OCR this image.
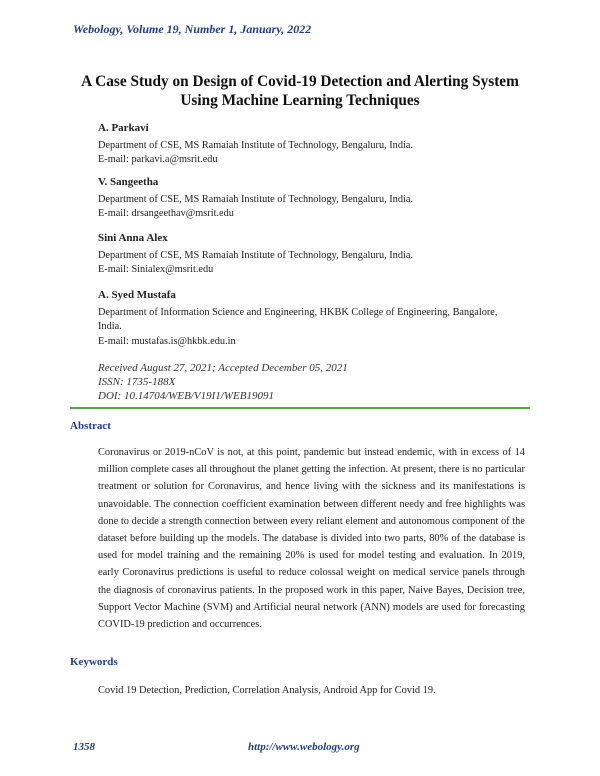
Webology, Volume 19, Number 1, January, 2022
A Case Study on Design of Covid-19 Detection and Alerting System
Using Machine Learning Techniques
A. Parkavi
Department of CSE, MS Ramaiah Institute of Technology, Bengaluru, India.
E-mail: parkavi.a@msrit.edu
V. Sangeetha
Department of CSE, MS Ramaiah Institute of Technology, Bengaluru, India.
E-mail: drsangeethav@msrit.edu
Sini Anna Alex
Department of CSE, MS Ramaiah Institute of Technology, Bengaluru, India.
E-mail: Sinialex@msrit.edu
A. Syed Mustafa
Department of Information Science and Engineering, HKBK College of Engineering, Bangalore,
India.
E-mail: mustafas.is@hkbk.edu.in
Received August 27, 2021; Accepted December 05, 2021
ISSN: 1735-188X
DOI: 10.14704/WEB/V19I1/WEB19091
Abstract
Coronavirus or 2019-nCoV is not, at this point, pandemic but instead endemic, with in excess of 14 million complete cases all throughout the planet getting the infection. At present, there is no particular treatment or solution for Coronavirus, and hence living with the sickness and its manifestations is unavoidable. The connection coefficient examination between different needy and free highlights was done to decide a strength connection between every reliant element and autonomous component of the dataset before building up the models. The database is divided into two parts, 80% of the database is used for model training and the remaining 20% is used for model testing and evaluation. In 2019, early Coronavirus predictions is useful to reduce colossal weight on medical service panels through the diagnosis of coronavirus patients. In the proposed work in this paper, Naive Bayes, Decision tree, Support Vector Machine (SVM) and Artificial neural network (ANN) models are used for forecasting COVID-19 prediction and occurrences.
Keywords
Covid 19 Detection, Prediction, Correlation Analysis, Android App for Covid 19.
1358	http://www.webology.org
